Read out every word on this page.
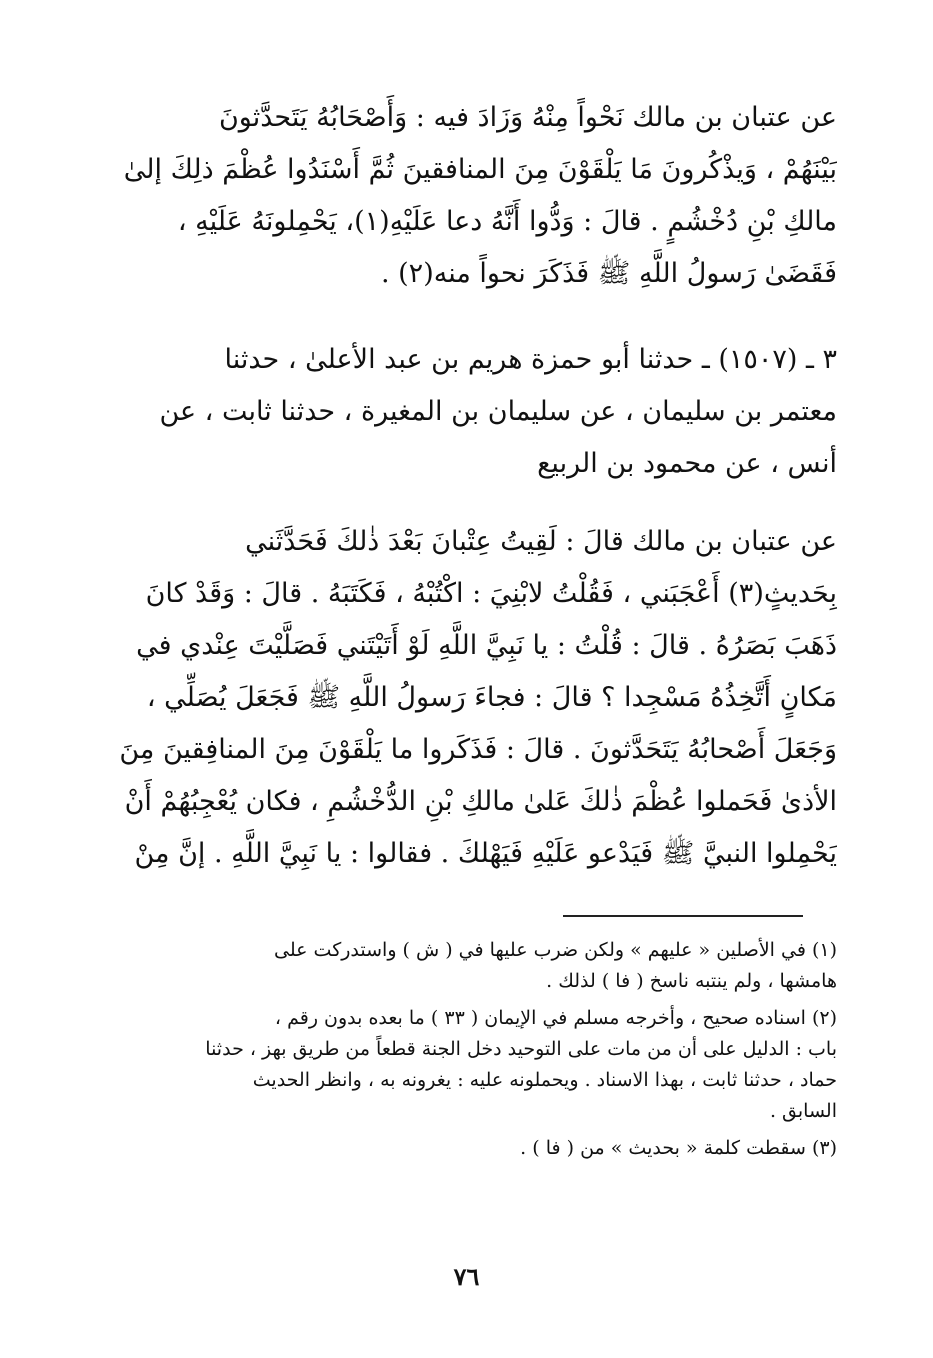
عن عتبان بن مالك نَحْواً مِنْهُ وَزَادَ فيه : وَأَصْحَابُهُ يَتَحدَّثونَ
بَيْنَهُمْ ، وَيذْكُرونَ مَا يَلْقَوْنَ مِنَ المنافقينَ ثُمَّ أَسْنَدُوا عُظْمَ ذلِكَ إلىٰ
مالكِ بْنِ دُخْشُمٍ . قالَ : وَدُّوا أَنَّهُ دعا عَلَيْهِ(١)، يَحْمِلونَهُ عَلَيْهِ ،
فَقَضَىٰ رَسولُ اللَّهِ ﷺ فَذَكَرَ نحواً منه(٢) .
٣ ـ (١٥٠٧) ـ حدثنا أبو حمزة هريم بن عبد الأعلىٰ ، حدثنا
معتمر بن سليمان ، عن سليمان بن المغيرة ، حدثنا ثابت ، عن
أنس ، عن محمود بن الربيع
عن عتبان بن مالك قالَ : لَقِيتُ عِتْبانَ بَعْدَ ذٰلكَ فَحَدَّثَني
بِحَديثٍ(٣) أَعْجَبَني ، فَقُلْتُ لابْنِيَ : اكْتُبْهُ ، فَكَتَبَهُ . قالَ : وَقَدْ كانَ
ذَهَبَ بَصَرُهُ . قالَ : قُلْتُ : يا نَبِيَّ اللَّهِ لَوْ أَتَيْتَني فَصَلَّيْتَ عِنْدي في
مَكانٍ أَتَّخِذُهُ مَسْجِدا ؟ قالَ : فجاءَ رَسولُ اللَّهِ ﷺ فَجَعَلَ يُصَلِّي ،
وَجَعَلَ أَصْحابُهُ يَتَحَدَّثونَ . قالَ : فَذَكَروا ما يَلْقَوْنَ مِنَ المنافِقينَ مِنَ
الأذىٰ فَحَملوا عُظْمَ ذٰلكَ عَلىٰ مالكِ بْنِ الدُّخْشُمِ ، فكان يُعْجِبُهُمْ أَنْ
يَحْمِلوا النبيَّ ﷺ فَيَدْعو عَلَيْهِ فَيَهْلكَ . فقالوا : يا نَبِيَّ اللَّهِ . إنَّ مِنْ
(١) في الأصلين « عليهم » ولكن ضرب عليها في ( ش ) واستدركت على
هامشها ، ولم ينتبه ناسخ ( فا ) لذلك .
(٢) اسناده صحيح ، وأخرجه مسلم في الإيمان ( ٣٣ ) ما بعده بدون رقم ،
باب : الدليل على أن من مات على التوحيد دخل الجنة قطعاً من طريق بهز ، حدثنا
حماد ، حدثنا ثابت ، بهذا الاسناد . ويحملونه عليه : يغرونه به ، وانظر الحديث
السابق .
(٣) سقطت كلمة « بحديث » من ( فا ) .
٧٦
